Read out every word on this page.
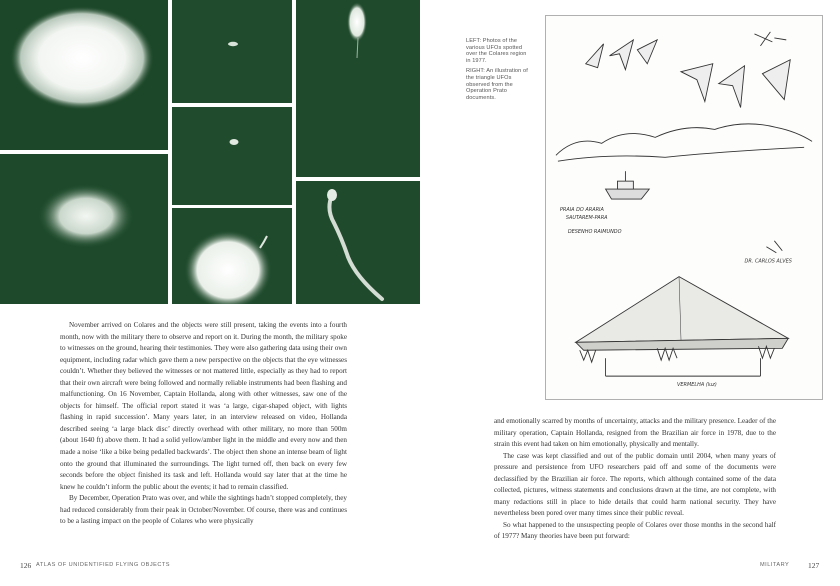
LEFT: Photos of the various UFOs spotted over the Colares region in 1977.

RIGHT: An illustration of the triangle UFOs observed from the Operation Prato documents.

PRAIA DO ARARIA
SAUTAREM-PARA
DESENHO RAIMUNDO
DR. CARLOS ALVES
VERMELHA (luz)

November arrived on Colares and the objects were still present, taking the events into a fourth month, now with the military there to observe and report on it. During the month, the military spoke to witnesses on the ground, hearing their testimonies. They were also gathering data using their own equipment, including radar which gave them a new perspective on the objects that the eye witnesses couldn’t. Whether they believed the witnesses or not mattered little, especially as they had to report that their own aircraft were being followed and normally reliable instruments had been flashing and malfunctioning. On 16 November, Captain Hollanda, along with other witnesses, saw one of the objects for himself. The official report stated it was ‘a large, cigar-shaped object, with lights flashing in rapid succession’. Many years later, in an interview released on video, Hollanda described seeing ‘a large black disc’ directly overhead with other military, no more than 500m (about 1640 ft) above them. It had a solid yellow/amber light in the middle and every now and then made a noise ‘like a bike being pedalled backwards’. The object then shone an intense beam of light onto the ground that illuminated the surroundings. The light turned off, then back on every few seconds before the object finished its task and left. Hollanda would say later that at the time he knew he couldn’t inform the public about the events; it had to remain classified.

By December, Operation Prato was over, and while the sightings hadn’t stopped completely, they had reduced considerably from their peak in October/November. Of course, there was and continues to be a lasting impact on the people of Colares who were physically

and emotionally scarred by months of uncertainty, attacks and the military presence. Leader of the military operation, Captain Hollanda, resigned from the Brazilian air force in 1978, due to the strain this event had taken on him emotionally, physically and mentally.

The case was kept classified and out of the public domain until 2004, when many years of pressure and persistence from UFO researchers paid off and some of the documents were declassified by the Brazilian air force. The reports, which although contained some of the data collected, pictures, witness statements and conclusions drawn at the time, are not complete, with many redactions still in place to hide details that could harm national security. They have nevertheless been pored over many times since their public reveal.

So what happened to the unsuspecting people of Colares over those months in the second half of 1977? Many theories have been put forward:

126 ATLAS OF UNIDENTIFIED FLYING OBJECTS	MILITARY 127
